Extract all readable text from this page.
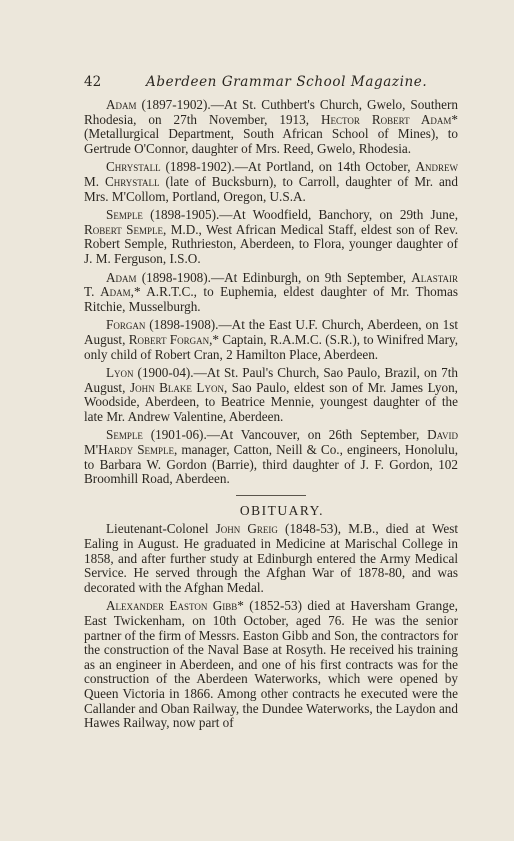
42	Aberdeen Grammar School Magazine.

Adam (1897-1902).—At St. Cuthbert's Church, Gwelo, Southern Rhodesia, on 27th November, 1913, Hector Robert Adam* (Metallurgical Department, South African School of Mines), to Gertrude O'Connor, daughter of Mrs. Reed, Gwelo, Rhodesia.

Chrystall (1898-1902).—At Portland, on 14th October, Andrew M. Chrystall (late of Bucksburn), to Carroll, daughter of Mr. and Mrs. M'Collom, Portland, Oregon, U.S.A.

Semple (1898-1905).—At Woodfield, Banchory, on 29th June, Robert Semple, M.D., West African Medical Staff, eldest son of Rev. Robert Semple, Ruthrieston, Aberdeen, to Flora, younger daughter of J. M. Ferguson, I.S.O.

Adam (1898-1908).—At Edinburgh, on 9th September, Alastair T. Adam,* A.R.T.C., to Euphemia, eldest daughter of Mr. Thomas Ritchie, Musselburgh.

Forgan (1898-1908).—At the East U.F. Church, Aberdeen, on 1st August, Robert Forgan,* Captain, R.A.M.C. (S.R.), to Winifred Mary, only child of Robert Cran, 2 Hamilton Place, Aberdeen.

Lyon (1900-04).—At St. Paul's Church, Sao Paulo, Brazil, on 7th August, John Blake Lyon, Sao Paulo, eldest son of Mr. James Lyon, Woodside, Aberdeen, to Beatrice Mennie, youngest daughter of the late Mr. Andrew Valentine, Aberdeen.

Semple (1901-06).—At Vancouver, on 26th September, David M'Hardy Semple, manager, Catton, Neill & Co., engineers, Honolulu, to Barbara W. Gordon (Barrie), third daughter of J. F. Gordon, 102 Broomhill Road, Aberdeen.

OBITUARY.

Lieutenant-Colonel John Greig (1848-53), M.B., died at West Ealing in August. He graduated in Medicine at Marischal College in 1858, and after further study at Edinburgh entered the Army Medical Service. He served through the Afghan War of 1878-80, and was decorated with the Afghan Medal.

Alexander Easton Gibb* (1852-53) died at Haversham Grange, East Twickenham, on 10th October, aged 76. He was the senior partner of the firm of Messrs. Easton Gibb and Son, the contractors for the construction of the Naval Base at Rosyth. He received his training as an engineer in Aberdeen, and one of his first contracts was for the construction of the Aberdeen Waterworks, which were opened by Queen Victoria in 1866. Among other contracts he executed were the Callander and Oban Railway, the Dundee Waterworks, the Laydon and Hawes Railway, now part of
